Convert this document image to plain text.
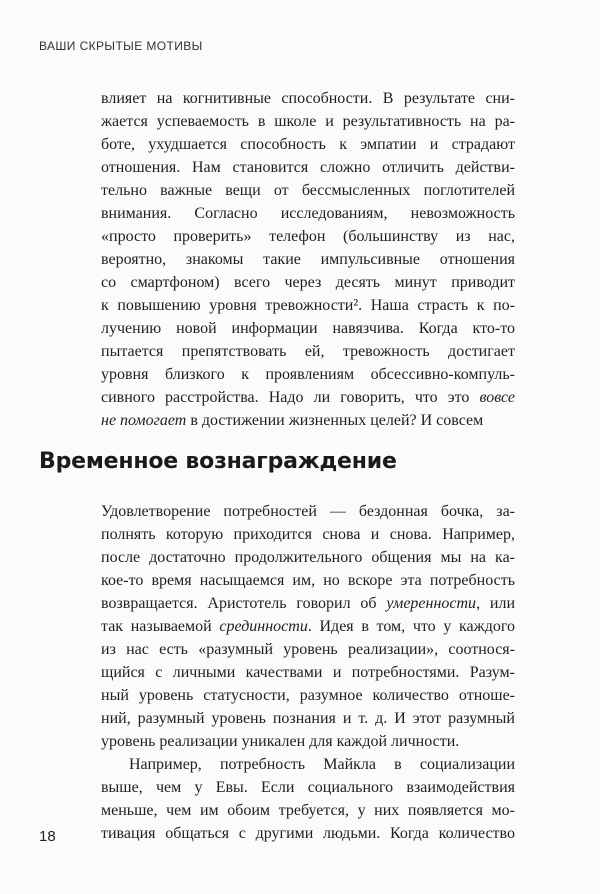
ВАШИ СКРЫТЫЕ МОТИВЫ
влияет на когнитивные способности. В результате сни-
жается успеваемость в школе и результативность на ра-
боте, ухудшается способность к эмпатии и страдают
отношения. Нам становится сложно отличить действи-
тельно важные вещи от бессмысленных поглотителей
внимания. Согласно исследованиям, невозможность
«просто проверить» телефон (большинству из нас,
вероятно, знакомы такие импульсивные отношения
со смартфоном) всего через десять минут приводит
к повышению уровня тревожности². Наша страсть к по-
лучению новой информации навязчива. Когда кто-то
пытается препятствовать ей, тревожность достигает
уровня близкого к проявлениям обсессивно-компуль-
сивного расстройства. Надо ли говорить, что это вовсе
не помогает в достижении жизненных целей? И совсем
Временное вознаграждение
Удовлетворение потребностей — бездонная бочка, за-
полнять которую приходится снова и снова. Например,
после достаточно продолжительного общения мы на ка-
кое-то время насыщаемся им, но вскоре эта потребность
возвращается. Аристотель говорил об умеренности, или
так называемой срединности. Идея в том, что у каждого
из нас есть «разумный уровень реализации», соотнося-
щийся с личными качествами и потребностями. Разум-
ный уровень статусности, разумное количество отноше-
ний, разумный уровень познания и т. д. И этот разумный
уровень реализации уникален для каждой личности.
Например, потребность Майкла в социализации
выше, чем у Евы. Если социального взаимодействия
меньше, чем им обоим требуется, у них появляется мо-
тивация общаться с другими людьми. Когда количество
18
